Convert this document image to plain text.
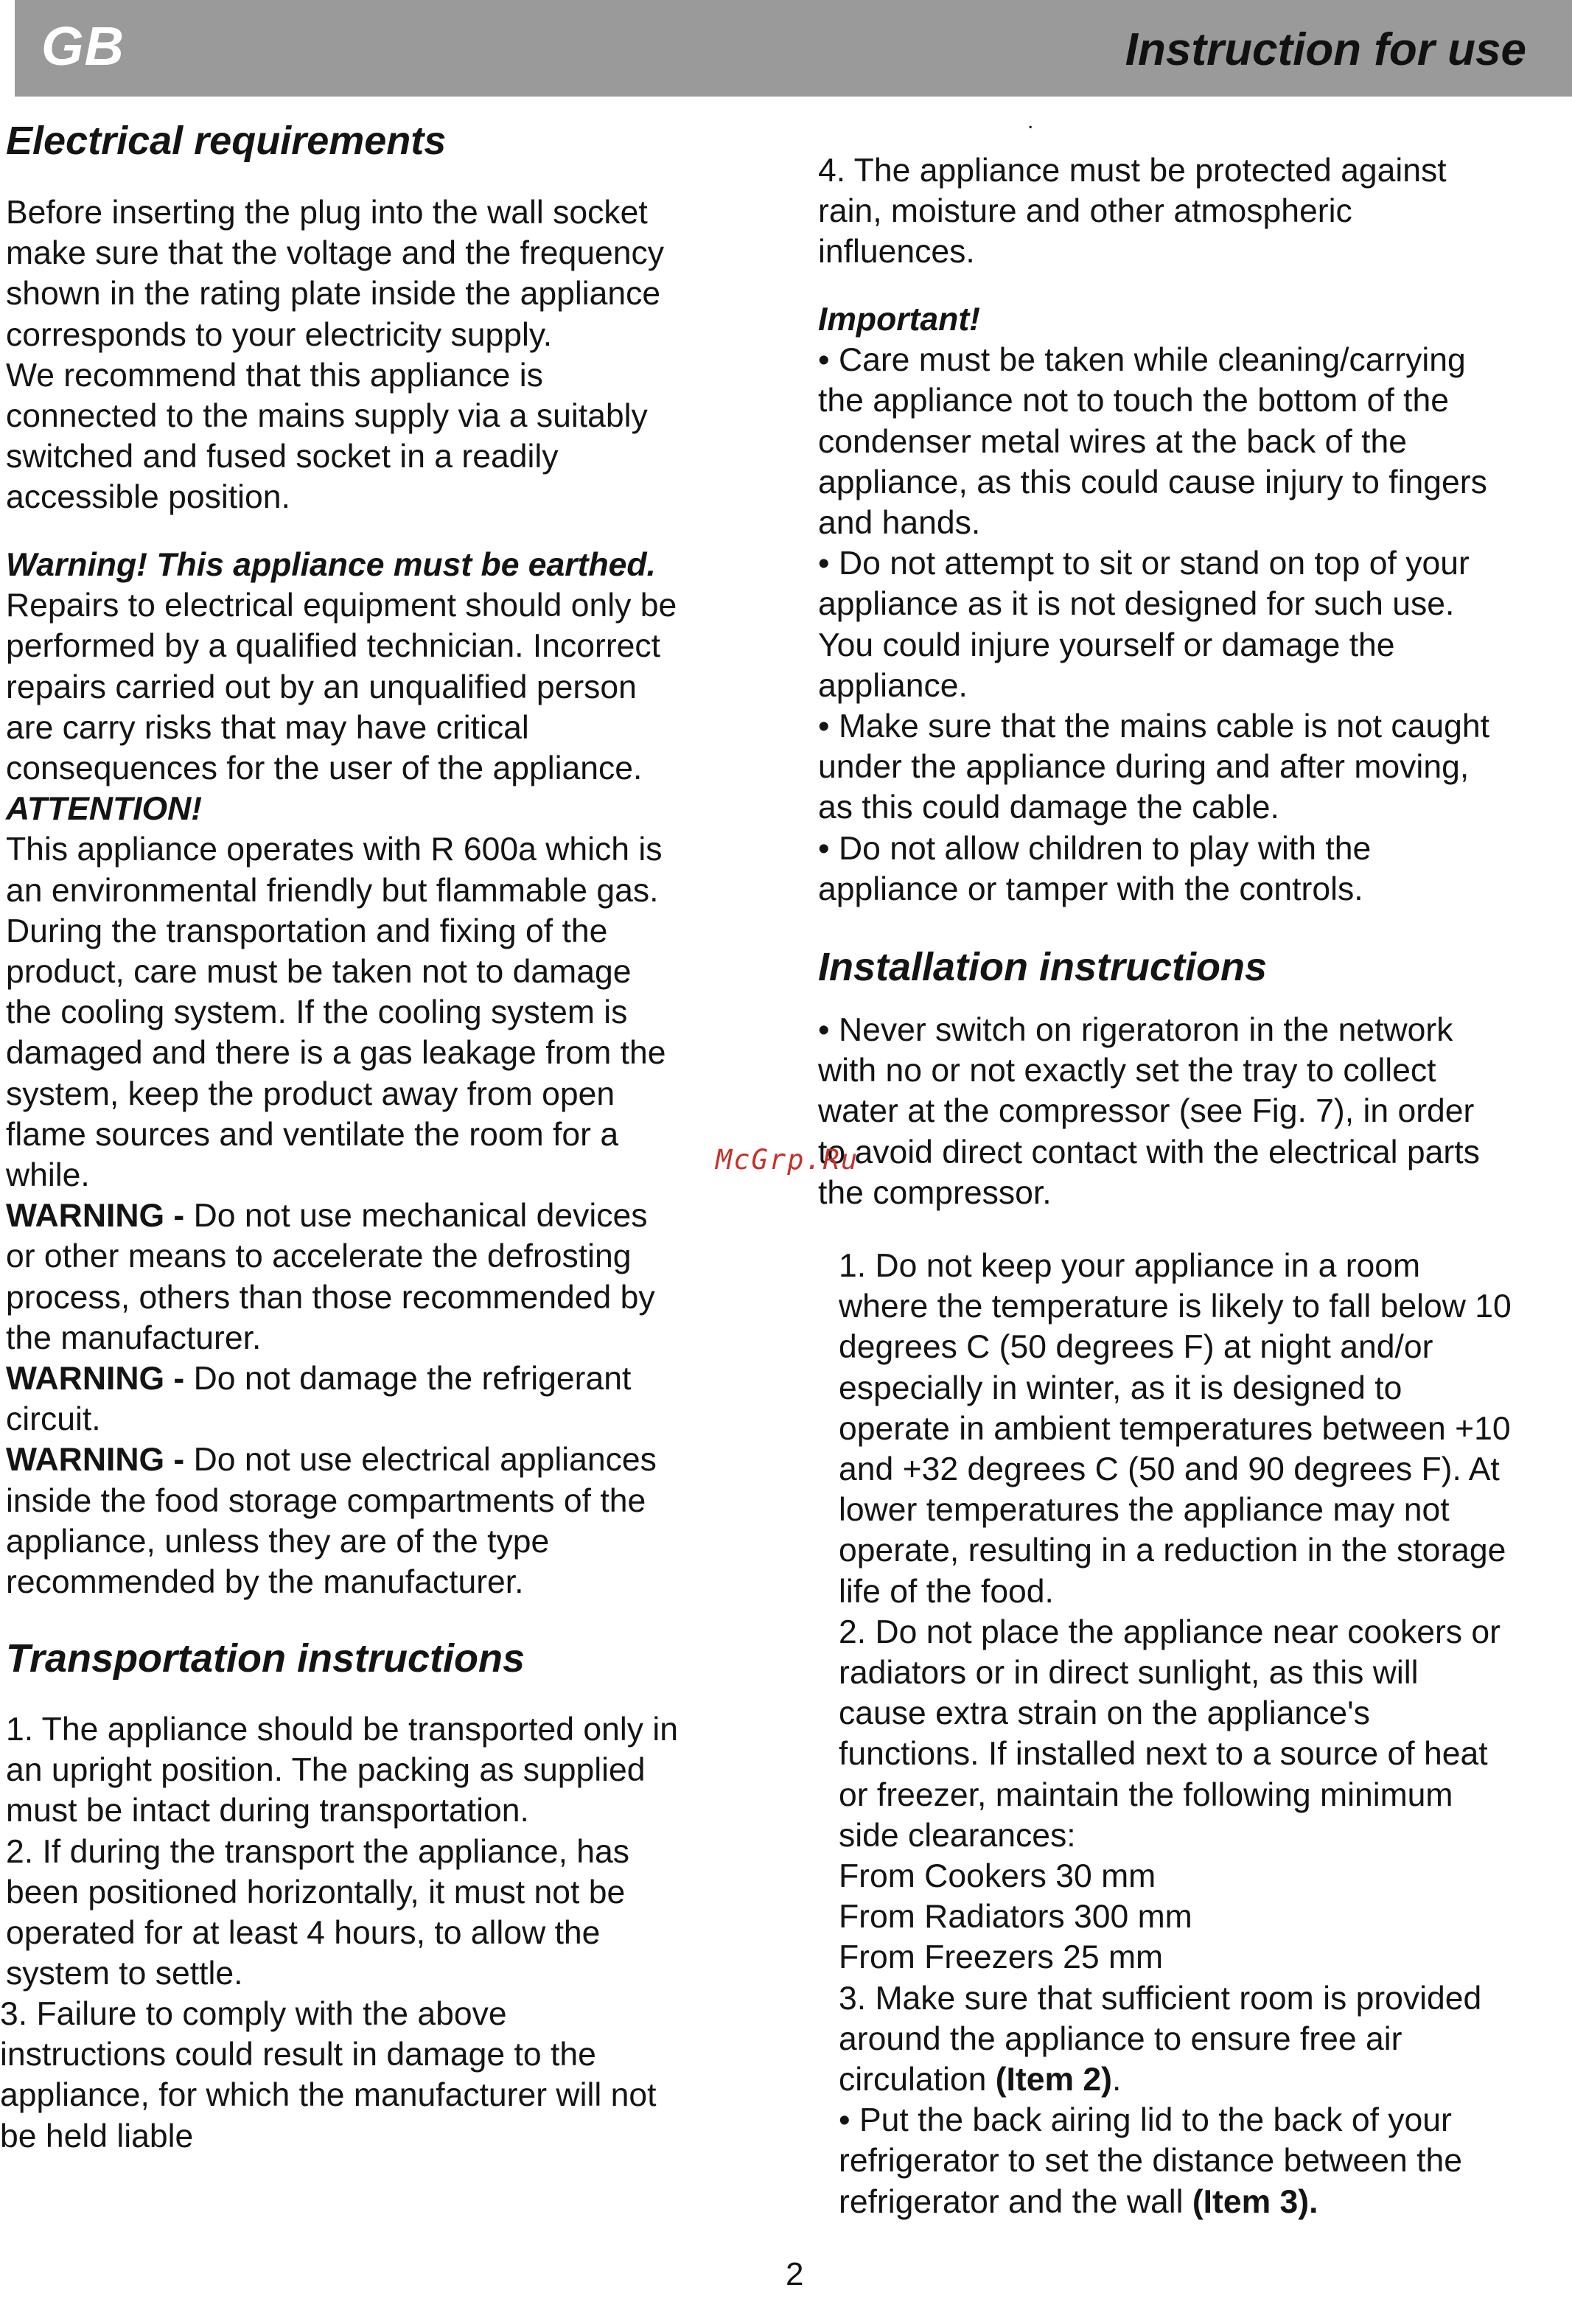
GB	Instruction for use
Electrical requirements

Before inserting the plug into the wall socket

make sure that the voltage and the frequency

shown in the rating plate inside the appliance

corresponds to your electricity supply.

We recommend that this appliance is

connected to the mains supply via a suitably

switched and fused socket in a readily

accessible position.

Warning! This appliance must be earthed.

Repairs to electrical equipment should only be

performed by a qualified technician. Incorrect

repairs carried out by an unqualified person

are carry risks that may have critical

consequences for the user of the appliance.

ATTENTION!

This appliance operates with R 600a which is

an environmental friendly but flammable gas.

During the transportation and fixing of the

product, care must be taken not to damage

the cooling system. If the cooling system is

damaged and there is a gas leakage from the

system, keep the product away from open

flame sources and ventilate the room for a

while.

WARNING - Do not use mechanical devices

or other means to accelerate the defrosting

process, others than those recommended by

the manufacturer.

WARNING - Do not damage the refrigerant

circuit.

WARNING - Do not use electrical appliances

inside the food storage compartments of the

appliance, unless they are of the type

recommended by the manufacturer.

Transportation instructions

1. The appliance should be transported only in

an upright position. The packing as supplied

must be intact during transportation.

2. If during the transport the appliance, has

been positioned horizontally, it must not be

operated for at least 4 hours, to allow the

system to settle.

3. Failure to comply with the above

instructions could result in damage to the

appliance, for which the manufacturer will not

be held liable

.

4. The appliance must be protected against

rain, moisture and other atmospheric

influences.

Important!

• Care must be taken while cleaning/carrying

the appliance not to touch the bottom of the

condenser metal wires at the back of the

appliance, as this could cause injury to fingers

and hands.

• Do not attempt to sit or stand on top of your

appliance as it is not designed for such use.

You could injure yourself or damage the

appliance.

• Make sure that the mains cable is not caught

under the appliance during and after moving,

as this could damage the cable.

• Do not allow children to play with the

appliance or tamper with the controls.

Installation instructions

• Never switch on rigeratoron in the network

with no or not exactly set the tray to collect

water at the compressor (see Fig. 7), in order

to avoid direct contact with the electrical parts

the compressor.

1. Do not keep your appliance in a room

where the temperature is likely to fall below 10

degrees C (50 degrees F) at night and/or

especially in winter, as it is designed to

operate in ambient temperatures between +10

and +32 degrees C (50 and 90 degrees F). At

lower temperatures the appliance may not

operate, resulting in a reduction in the storage

life of the food.

2. Do not place the appliance near cookers or

radiators or in direct sunlight, as this will

cause extra strain on the appliance's

functions. If installed next to a source of heat

or freezer, maintain the following minimum

side clearances:

From Cookers 30 mm

From Radiators 300 mm

From Freezers 25 mm

3. Make sure that sufficient room is provided

around the appliance to ensure free air

circulation (Item 2).

• Put the back airing lid to the back of your

refrigerator to set the distance between the

refrigerator and the wall (Item 3).

McGrp.Ru
2
